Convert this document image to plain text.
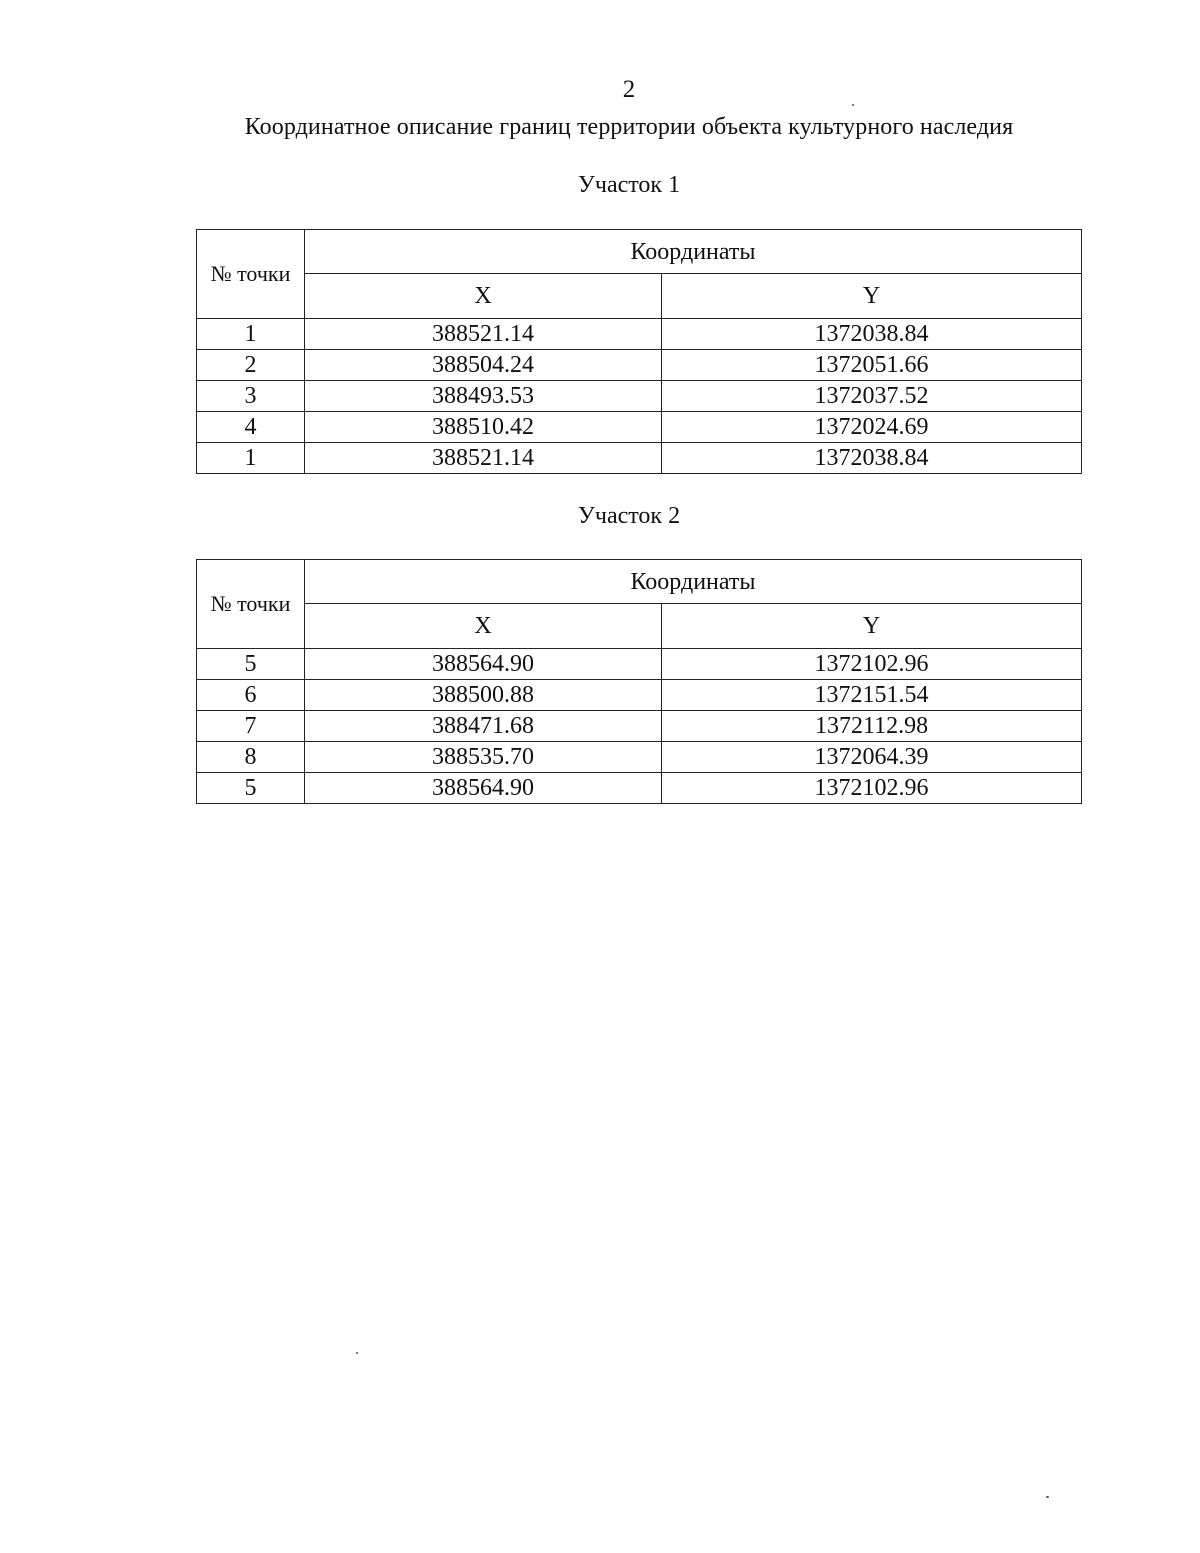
2
Координатное описание границ территории объекта культурного наследия
Участок 1
№ точки	Координаты	
	X	Y
1	388521.14	1372038.84
2	388504.24	1372051.66
3	388493.53	1372037.52
4	388510.42	1372024.69
1	388521.14	1372038.84
Участок 2
№ точки	Координаты	
	X	Y
5	388564.90	1372102.96
6	388500.88	1372151.54
7	388471.68	1372112.98
8	388535.70	1372064.39
5	388564.90	1372102.96
